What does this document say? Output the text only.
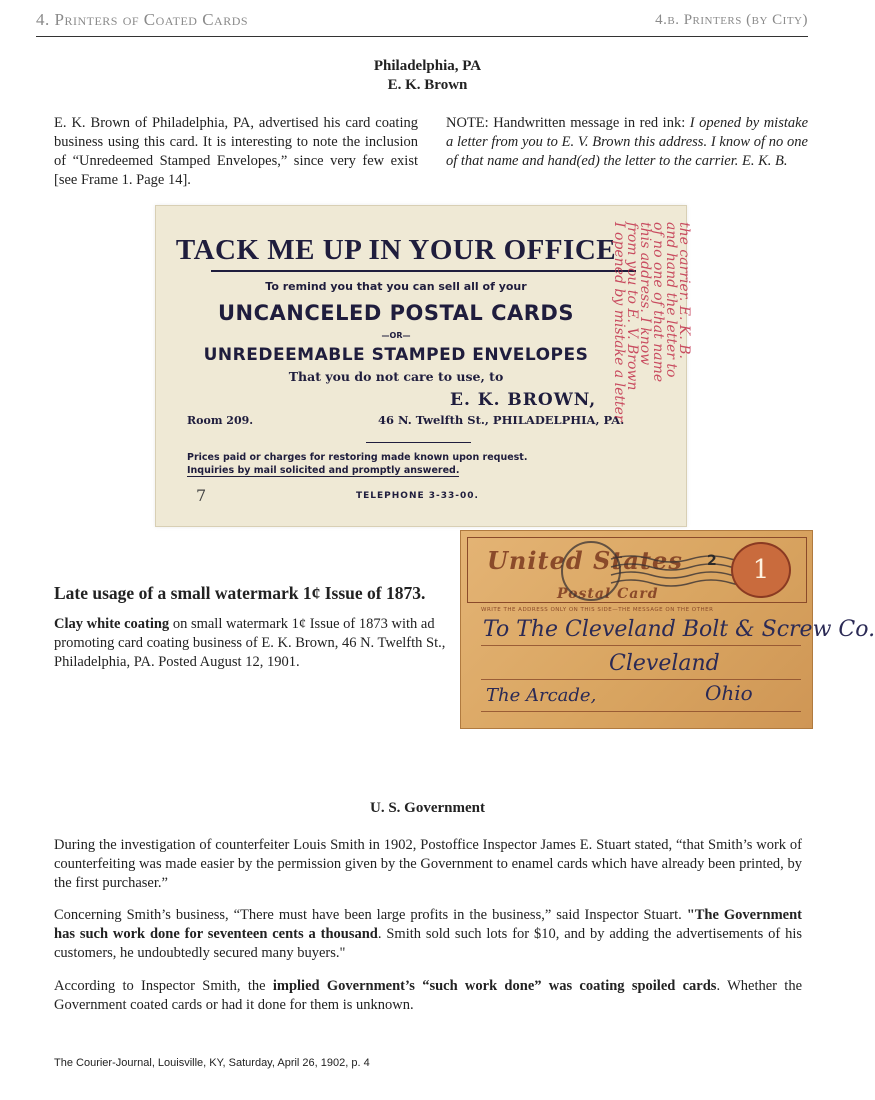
4. Printers of Coated Cards	4.b. Printers (by City)
Philadelphia, PA
E. K. Brown
E. K. Brown of Philadelphia, PA, advertised his card coating business using this card. It is interesting to note the inclusion of “Unredeemed Stamped Envelopes,” since very few exist [see Frame 1. Page 14].
NOTE: Handwritten message in red ink: I opened by mistake a letter from you to E. V. Brown this address. I know of no one of that name and hand(ed) the letter to the carrier. E. K. B.
TACK ME UP IN YOUR OFFICE
To remind you that you can sell all of your
UNCANCELED POSTAL CARDS
—OR—
UNREDEEMABLE STAMPED ENVELOPES
That you do not care to use, to
E. K. BROWN,
Room 209.	46 N. Twelfth St., PHILADELPHIA, PA.
Prices paid or charges for restoring made known upon request.
Inquiries by mail solicited and promptly answered.
7	TELEPHONE 3-33-00.
I opened by mistake a letter
from you to E. V. Brown
this address. I know
of no one of that name
and hand the letter to
the carrier. E. K. B.
United States
Postal Card
2	1
WRITE THE ADDRESS ONLY ON THIS SIDE—THE MESSAGE ON THE OTHER
To The Cleveland Bolt & Screw Co.
Cleveland
The Arcade,	Ohio
Late usage of a small watermark 1¢ Issue of 1873.
Clay white coating on small watermark 1¢ Issue of 1873 with ad promoting card coating business of E. K. Brown, 46 N. Twelfth St., Philadelphia, PA. Posted August 12, 1901.
U. S. Government
During the investigation of counterfeiter Louis Smith in 1902, Postoffice Inspector James E. Stuart stated, “that Smith’s work of counterfeiting was made easier by the permission given by the Government to enamel cards which have already been printed, by the first purchaser.”
Concerning Smith’s business, “There must have been large profits in the business,” said Inspector Stuart. "The Government has such work done for seventeen cents a thousand. Smith sold such lots for $10, and by adding the advertisements of his customers, he undoubtedly secured many buyers."
According to Inspector Smith, the implied Government’s “such work done” was coating spoiled cards. Whether the Government coated cards or had it done for them is unknown.
The Courier-Journal, Louisville, KY, Saturday, April 26, 1902, p. 4
